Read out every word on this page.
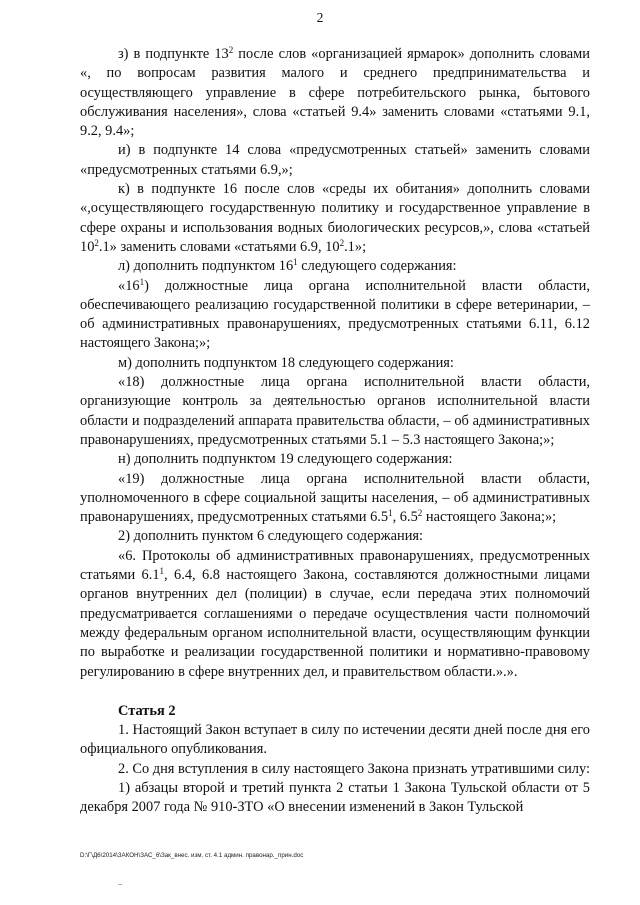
2

з) в подпункте $13^2$ после слов «организацией ярмарок» дополнить словами «, по вопросам развития малого и среднего предпринимательства и осуществляющего управление в сфере потребительского рынка, бытового обслуживания населения», слова «статьей 9.4» заменить словами «статьями 9.1, 9.2, 9.4»;

и) в подпункте 14 слова «предусмотренных статьей» заменить словами «предусмотренных статьями 6.9,»;

к) в подпункте 16 после слов «среды их обитания» дополнить словами «,осуществляющего государственную политику и государственное управление в сфере охраны и использования водных биологических ресурсов,», слова «статьей $10^2.1$» заменить словами «статьями 6.9, $10^2.1$»;

л) дополнить подпунктом $16^1$ следующего содержания:

«$16^1$) должностные лица органа исполнительной власти области, обеспечивающего реализацию государственной политики в сфере ветеринарии, – об административных правонарушениях, предусмотренных статьями 6.11, 6.12 настоящего Закона;»;

м) дополнить подпунктом 18 следующего содержания:

«18) должностные лица органа исполнительной власти области, организующие контроль за деятельностью органов исполнительной власти области и подразделений аппарата правительства области, – об административных правонарушениях, предусмотренных статьями 5.1 – 5.3 настоящего Закона;»;

н) дополнить подпунктом 19 следующего содержания:

«19) должностные лица органа исполнительной власти области, уполномоченного в сфере социальной защиты населения, – об административных правонарушениях, предусмотренных статьями $6.5^1$, $6.5^2$ настоящего Закона;»;

2) дополнить пунктом 6 следующего содержания:

«6. Протоколы об административных правонарушениях, предусмотренных статьями $6.1^1$, 6.4, 6.8 настоящего Закона, составляются должностными лицами органов внутренних дел (полиции) в случае, если передача этих полномочий предусматривается соглашениями о передаче осуществления части полномочий между федеральным органом исполнительной власти, осуществляющим функции по выработке и реализации государственной политики и нормативно-правовому регулированию в сфере внутренних дел, и правительством области.».».

Статья 2

1. Настоящий Закон вступает в силу по истечении десяти дней после дня его официального опубликования.

2. Со дня вступления в силу настоящего Закона признать утратившими силу:

1) абзацы второй и третий пункта 2 статьи 1 Закона Тульской области от 5 декабря 2007 года № 910-ЗТО «О внесении изменений в Закон Тульской

D:\Г\Д6\2014\ЗАКОН\ЗАС_6\Зак_внес. изм. ст. 4.1 админ. правонар._прин.doc
~
